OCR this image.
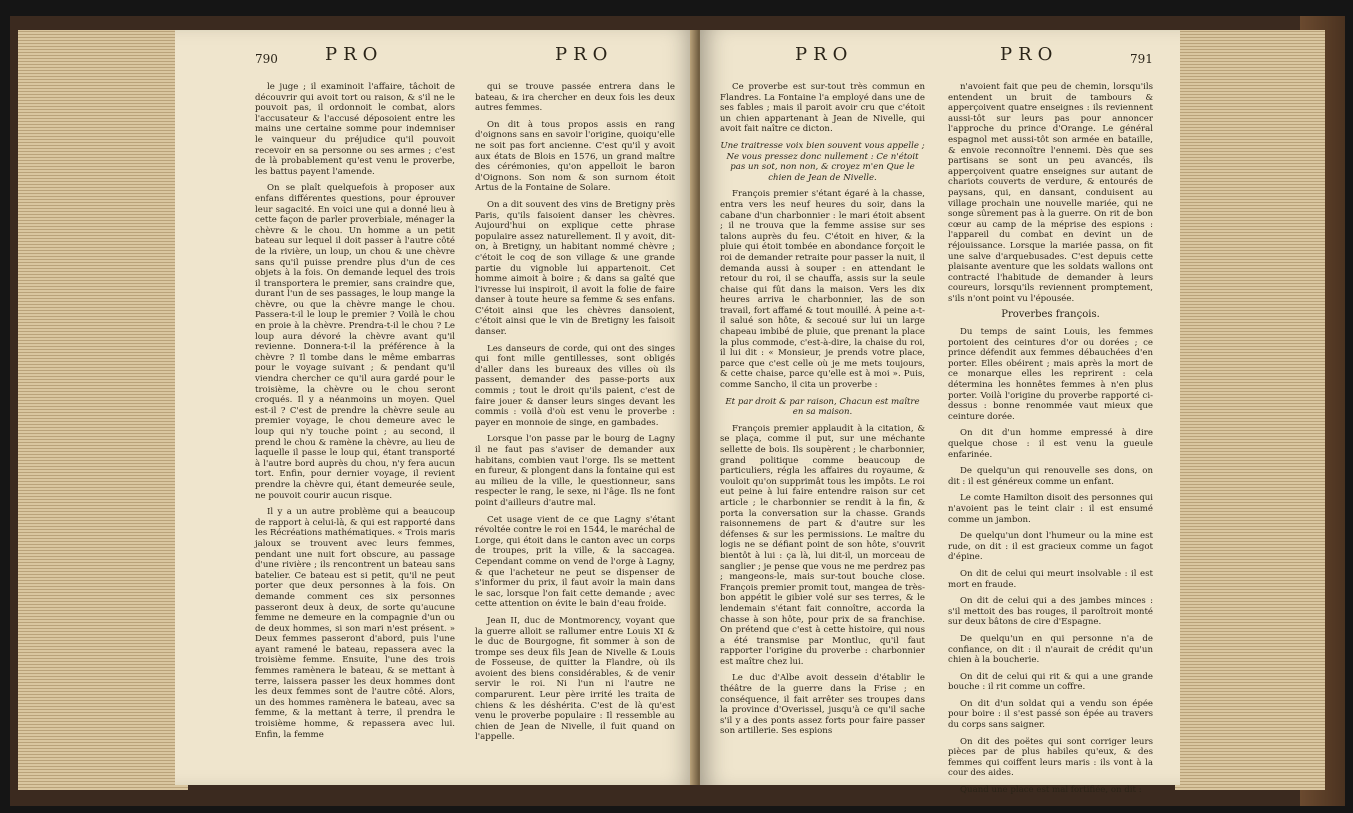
790	PRO	PRO

le juge ; il examinoit l'affaire, tâchoit de découvrir qui avoit tort ou raison, & s'il ne le pouvoit pas, il ordonnoit le combat, alors l'accusateur & l'accusé déposoient entre les mains une certaine somme pour indemniser le vainqueur du préjudice qu'il pouvoit recevoir en sa personne ou ses armes ; c'est de là probablement qu'est venu le proverbe, les battus payent l'amende.

On se plaît quelquefois à proposer aux enfans différentes questions, pour éprouver leur sagacité. En voici une qui a donné lieu à cette façon de parler proverbiale, ménager la chèvre & le chou. Un homme a un petit bateau sur lequel il doit passer à l'autre côté de la rivière, un loup, un chou & une chèvre sans qu'il puisse prendre plus d'un de ces objets à la fois. On demande lequel des trois il transportera le premier, sans craindre que, durant l'un de ses passages, le loup mange la chèvre, ou que la chèvre mange le chou. Passera-t-il le loup le premier ? Voilà le chou en proie à la chèvre. Prendra-t-il le chou ? Le loup aura dévoré la chèvre avant qu'il revienne. Donnera-t-il la préférence à la chèvre ? Il tombe dans le même embarras pour le voyage suivant ; & pendant qu'il viendra chercher ce qu'il aura gardé pour le troisième, la chèvre ou le chou seront croqués. Il y a néanmoins un moyen. Quel est-il ? C'est de prendre la chèvre seule au premier voyage, le chou demeure avec le loup qui n'y touche point ; au second, il prend le chou & ramène la chèvre, au lieu de laquelle il passe le loup qui, étant transporté à l'autre bord auprès du chou, n'y fera aucun tort. Enfin, pour dernier voyage, il revient prendre la chèvre qui, étant demeurée seule, ne pouvoit courir aucun risque.

Il y a un autre problème qui a beaucoup de rapport à celui-là, & qui est rapporté dans les Récréations mathématiques. « Trois maris jaloux se trouvent avec leurs femmes, pendant une nuit fort obscure, au passage d'une rivière ; ils rencontrent un bateau sans batelier. Ce bateau est si petit, qu'il ne peut porter que deux personnes à la fois. On demande comment ces six personnes passeront deux à deux, de sorte qu'aucune femme ne demeure en la compagnie d'un ou de deux hommes, si son mari n'est présent. » Deux femmes passeront d'abord, puis l'une ayant ramené le bateau, repassera avec la troisième femme. Ensuite, l'une des trois femmes ramènera le bateau, & se mettant à terre, laissera passer les deux hommes dont les deux femmes sont de l'autre côté. Alors, un des hommes ramènera le bateau, avec sa femme, & la mettant à terre, il prendra le troisième homme, & repassera avec lui. Enfin, la femme

qui se trouve passée entrera dans le bateau, & ira chercher en deux fois les deux autres femmes.

On dit à tous propos assis en rang d'oignons sans en savoir l'origine, quoiqu'elle ne soit pas fort ancienne. C'est qu'il y avoit aux états de Blois en 1576, un grand maître des cérémonies, qu'on appelloit le baron d'Oignons. Son nom & son surnom étoit Artus de la Fontaine de Solare.

On a dit souvent des vins de Bretigny près Paris, qu'ils faisoient danser les chèvres. Aujourd'hui on explique cette phrase populaire assez naturellement. Il y avoit, dit-on, à Bretigny, un habitant nommé chèvre ; c'étoit le coq de son village & une grande partie du vignoble lui appartenoit. Cet homme aimoit à boire ; & dans sa gaîté que l'ivresse lui inspiroit, il avoit la folie de faire danser à toute heure sa femme & ses enfans. C'étoit ainsi que les chèvres dansoient, c'étoit ainsi que le vin de Bretigny les faisoit danser.

Les danseurs de corde, qui ont des singes qui font mille gentillesses, sont obligés d'aller dans les bureaux des villes où ils passent, demander des passe-ports aux commis ; tout le droit qu'ils paient, c'est de faire jouer & danser leurs singes devant les commis : voilà d'où est venu le proverbe : payer en monnoie de singe, en gambades.

Lorsque l'on passe par le bourg de Lagny il ne faut pas s'aviser de demander aux habitans, combien vaut l'orge. Ils se mettent en fureur, & plongent dans la fontaine qui est au milieu de la ville, le questionneur, sans respecter le rang, le sexe, ni l'âge. Ils ne font point d'ailleurs d'autre mal.

Cet usage vient de ce que Lagny s'étant révoltée contre le roi en 1544, le maréchal de Lorge, qui étoit dans le canton avec un corps de troupes, prit la ville, & la saccagea. Cependant comme on vend de l'orge à Lagny, & que l'acheteur ne peut se dispenser de s'informer du prix, il faut avoir la main dans le sac, lorsque l'on fait cette demande ; avec cette attention on évite le bain d'eau froide.

Jean II, duc de Montmorency, voyant que la guerre alloit se rallumer entre Louis XI & le duc de Bourgogne, fit sommer à son de trompe ses deux fils Jean de Nivelle & Louis de Fosseuse, de quitter la Flandre, où ils avoient des biens considérables, & de venir servir le roi. Ni l'un ni l'autre ne comparurent. Leur père irrité les traita de chiens & les déshérita. C'est de là qu'est venu le proverbe populaire : Il ressemble au chien de Jean de Nivelle, il fuit quand on l'appelle.

PRO	PRO	791

Ce proverbe est sur-tout très commun en Flandres. La Fontaine l'a employé dans une de ses fables ; mais il paroit avoir cru que c'étoit un chien appartenant à Jean de Nivelle, qui avoit fait naître ce dicton.

Une traitresse voix bien souvent vous appelle ; Ne vous pressez donc nullement : Ce n'étoit pas un sot, non non, & croyez m'en Que le chien de Jean de Nivelle.

François premier s'étant égaré à la chasse, entra vers les neuf heures du soir, dans la cabane d'un charbonnier : le mari étoit absent ; il ne trouva que la femme assise sur ses talons auprès du feu. C'étoit en hiver, & la pluie qui étoit tombée en abondance forçoit le roi de demander retraite pour passer la nuit, il demanda aussi à souper : en attendant le retour du roi, il se chauffa, assis sur la seule chaise qui fût dans la maison. Vers les dix heures arriva le charbonnier, las de son travail, fort affamé & tout mouillé. À peine a-t-il salué son hôte, & secoué sur lui un large chapeau imbibé de pluie, que prenant la place la plus commode, c'est-à-dire, la chaise du roi, il lui dit : « Monsieur, je prends votre place, parce que c'est celle où je me mets toujours, & cette chaise, parce qu'elle est à moi ». Puis, comme Sancho, il cita un proverbe :

Et par droit & par raison, Chacun est maître en sa maison.

François premier applaudit à la citation, & se plaça, comme il put, sur une méchante sellette de bois. Ils soupèrent ; le charbonnier, grand politique comme beaucoup de particuliers, régla les affaires du royaume, & vouloit qu'on supprimât tous les impôts. Le roi eut peine à lui faire entendre raison sur cet article ; le charbonnier se rendit à la fin, & porta la conversation sur la chasse. Grands raisonnemens de part & d'autre sur les défenses & sur les permissions. Le maître du logis ne se défiant point de son hôte, s'ouvrit bientôt à lui : ça là, lui dit-il, un morceau de sanglier ; je pense que vous ne me perdrez pas ; mangeons-le, mais sur-tout bouche close. François premier promit tout, mangea de très-bon appétit le gibier volé sur ses terres, & le lendemain s'étant fait connoître, accorda la chasse à son hôte, pour prix de sa franchise. On prétend que c'est à cette histoire, qui nous a été transmise par Montluc, qu'il faut rapporter l'origine du proverbe : charbonnier est maître chez lui.

Le duc d'Albe avoit dessein d'établir le théâtre de la guerre dans la Frise ; en conséquence, il fait arrêter ses troupes dans la province d'Overissel, jusqu'à ce qu'il sache s'il y a des ponts assez forts pour faire passer son artillerie. Ses espions

n'avoient fait que peu de chemin, lorsqu'ils entendent un bruit de tambours & apperçoivent quatre enseignes : ils reviennent aussi-tôt sur leurs pas pour annoncer l'approche du prince d'Orange. Le général espagnol met aussi-tôt son armée en bataille, & envoie reconnoître l'ennemi. Dès que ses partisans se sont un peu avancés, ils apperçoivent quatre enseignes sur autant de chariots couverts de verdure, & entourés de paysans, qui, en dansant, conduisent au village prochain une nouvelle mariée, qui ne songe sûrement pas à la guerre. On rit de bon cœur au camp de la méprise des espions : l'appareil du combat en devint un de réjouissance. Lorsque la mariée passa, on fit une salve d'arquebusades. C'est depuis cette plaisante aventure que les soldats wallons ont contracté l'habitude de demander à leurs coureurs, lorsqu'ils reviennent promptement, s'ils n'ont point vu l'épousée.

Proverbes françois.

Du temps de saint Louis, les femmes portoient des ceintures d'or ou dorées ; ce prince défendit aux femmes débauchées d'en porter. Elles obéirent ; mais après la mort de ce monarque elles les reprirent : cela détermina les honnêtes femmes à n'en plus porter. Voilà l'origine du proverbe rapporté ci-dessus : bonne renommée vaut mieux que ceinture dorée.

On dit d'un homme empressé à dire quelque chose : il est venu la gueule enfarinée.

De quelqu'un qui renouvelle ses dons, on dit : il est généreux comme un enfant.

Le comte Hamilton disoit des personnes qui n'avoient pas le teint clair : il est ensumé comme un jambon.

De quelqu'un dont l'humeur ou la mine est rude, on dit : il est gracieux comme un fagot d'épine.

On dit de celui qui meurt insolvable : il est mort en fraude.

On dit de celui qui a des jambes minces : s'il mettoit des bas rouges, il paroîtroit monté sur deux bâtons de cire d'Espagne.

De quelqu'un en qui personne n'a de confiance, on dit : il n'aurait de crédit qu'un chien à la boucherie.

On dit de celui qui rit & qui a une grande bouche : il rit comme un coffre.

On dit d'un soldat qui a vendu son épée pour boire : il s'est passé son épée au travers du corps sans saigner.

On dit des poëtes qui sont corriger leurs pièces par de plus habiles qu'eux, & des femmes qui coiffent leurs maris : ils vont à la cour des aides.

Quand une place est mal fortifiée, on dit :
